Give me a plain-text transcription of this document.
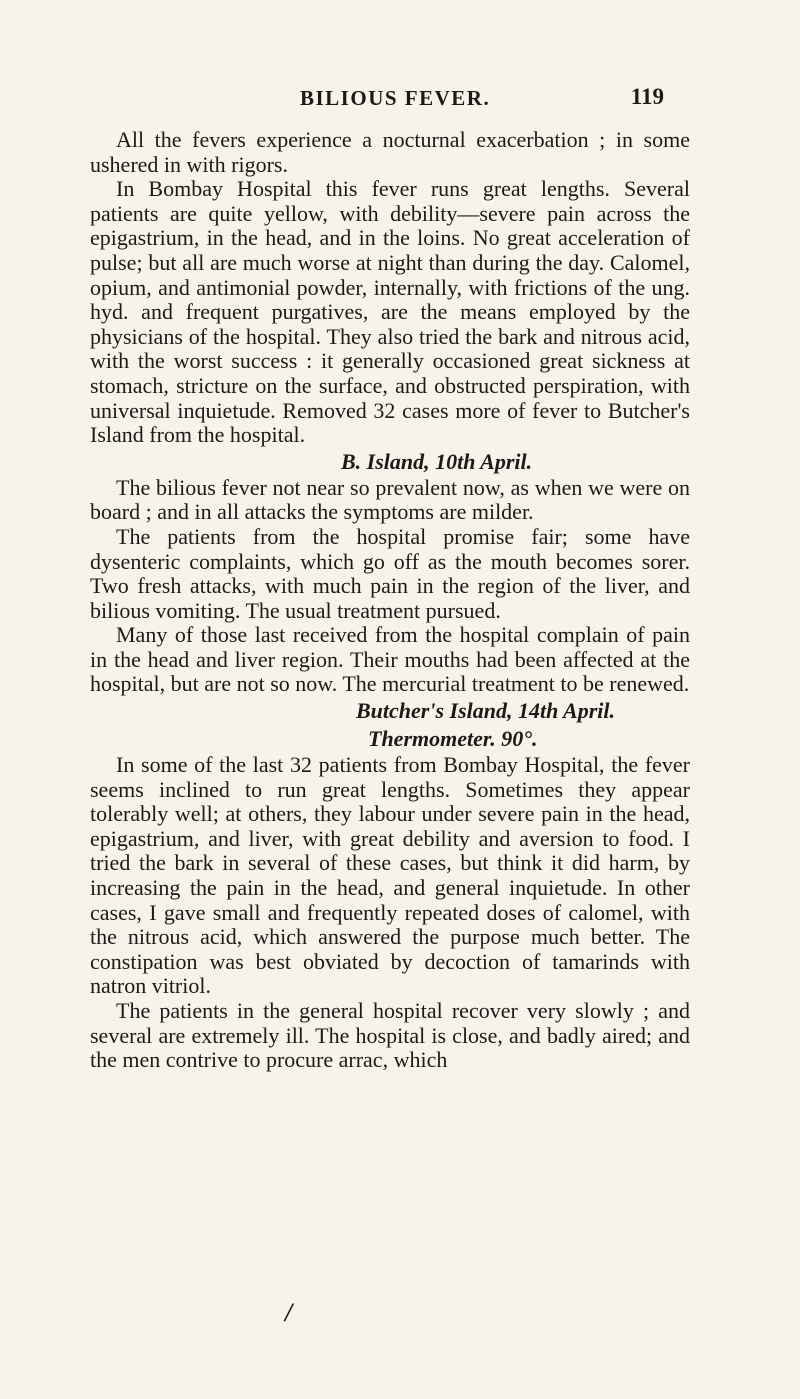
BILIOUS FEVER.	119

All the fevers experience a nocturnal exacerbation ; in some ushered in with rigors.

In Bombay Hospital this fever runs great lengths. Several patients are quite yellow, with debility—severe pain across the epigastrium, in the head, and in the loins. No great acceleration of pulse; but all are much worse at night than during the day. Calomel, opium, and antimonial powder, internally, with frictions of the ung. hyd. and frequent purgatives, are the means employed by the physicians of the hospital. They also tried the bark and nitrous acid, with the worst success : it generally occasioned great sickness at stomach, stricture on the surface, and obstructed perspiration, with universal inquietude. Removed 32 cases more of fever to Butcher's Island from the hospital.

B. Island, 10th April.

The bilious fever not near so prevalent now, as when we were on board ; and in all attacks the symptoms are milder.

The patients from the hospital promise fair; some have dysenteric complaints, which go off as the mouth becomes sorer. Two fresh attacks, with much pain in the region of the liver, and bilious vomiting. The usual treatment pursued.

Many of those last received from the hospital complain of pain in the head and liver region. Their mouths had been affected at the hospital, but are not so now. The mercurial treatment to be renewed.

Butcher's Island, 14th April.

Thermometer. 90°.

In some of the last 32 patients from Bombay Hospital, the fever seems inclined to run great lengths. Sometimes they appear tolerably well; at others, they labour under severe pain in the head, epigastrium, and liver, with great debility and aversion to food. I tried the bark in several of these cases, but think it did harm, by increasing the pain in the head, and general inquietude. In other cases, I gave small and frequently repeated doses of calomel, with the nitrous acid, which answered the purpose much better. The constipation was best obviated by decoction of tamarinds with natron vitriol.

The patients in the general hospital recover very slowly ; and several are extremely ill. The hospital is close, and badly aired; and the men contrive to procure arrac, which

/
